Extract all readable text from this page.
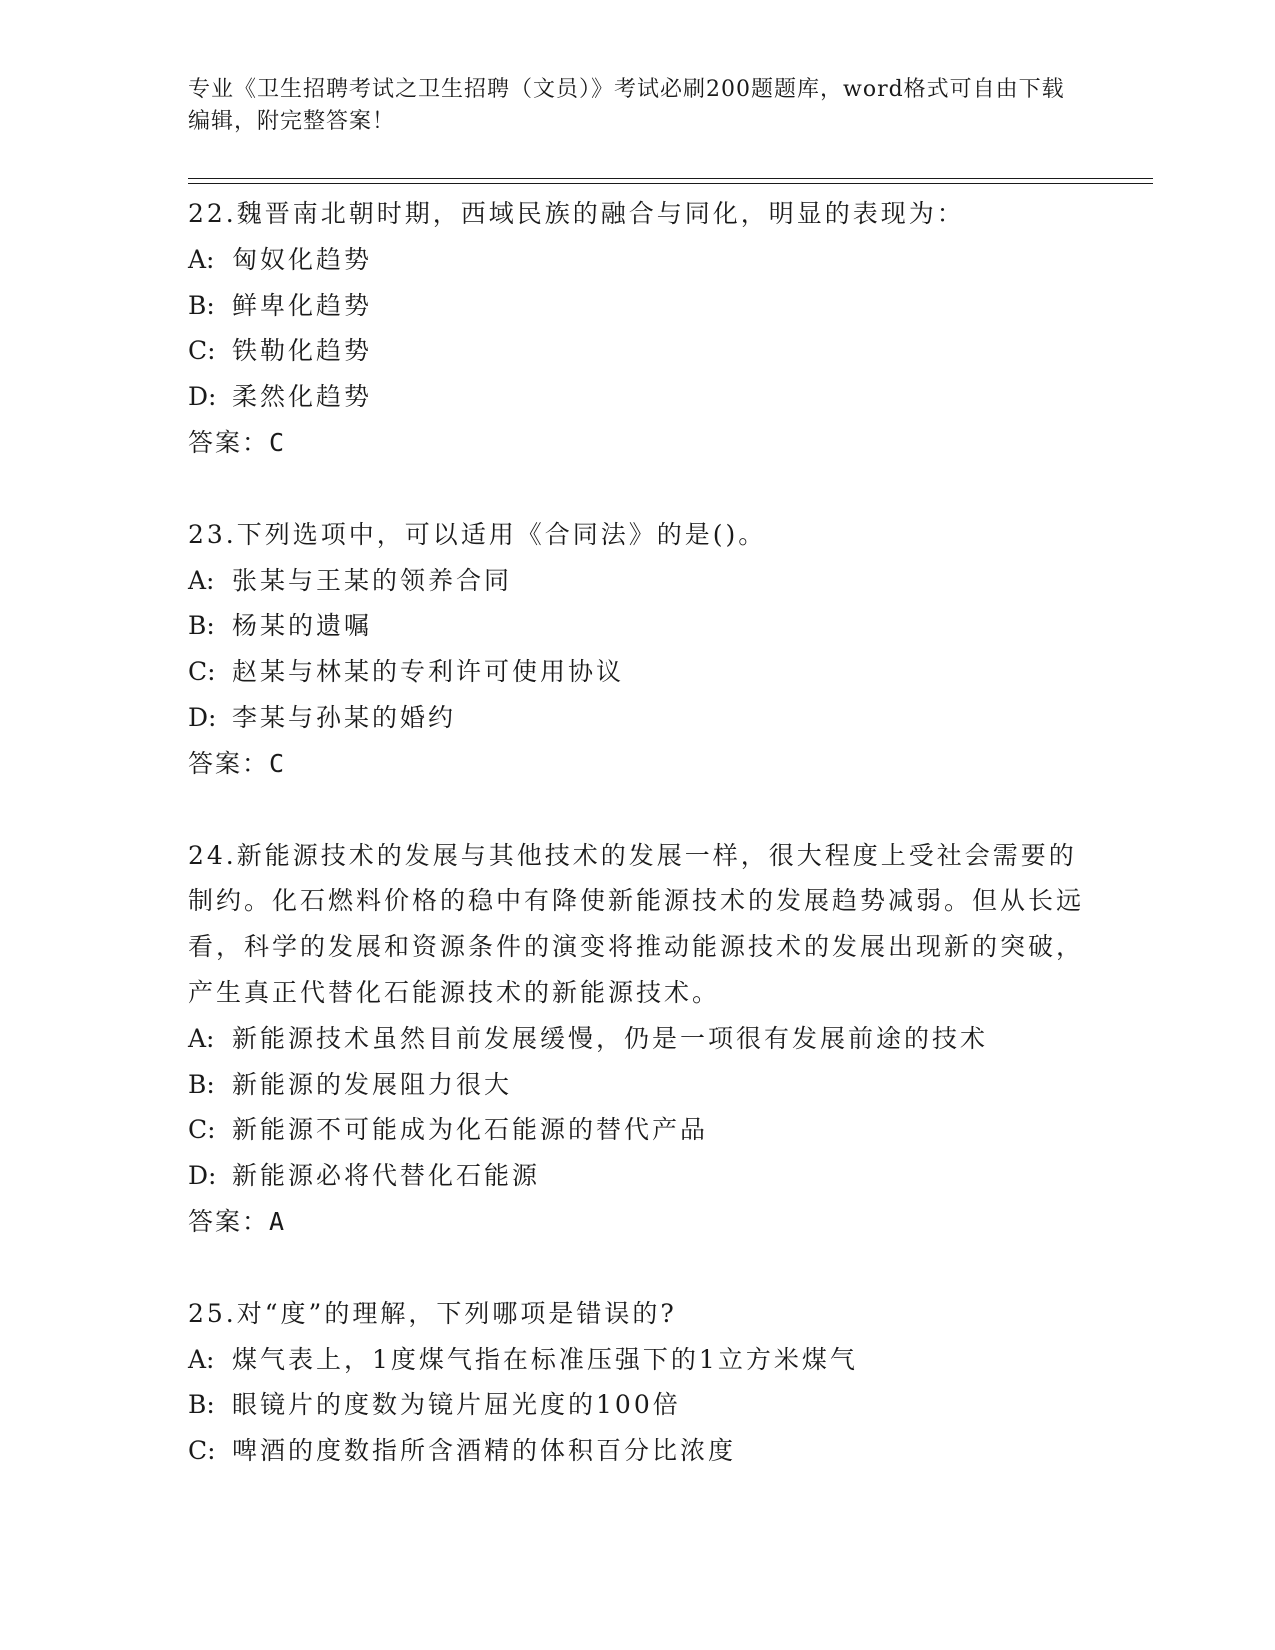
专业《卫生招聘考试之卫生招聘（文员）》考试必刷200题题库，word格式可自由下载编辑，附完整答案！
22.魏晋南北朝时期，西域民族的融合与同化，明显的表现为：
A: 匈奴化趋势
B: 鲜卑化趋势
C: 铁勒化趋势
D: 柔然化趋势
答案：C
23.下列选项中，可以适用《合同法》的是()。
A: 张某与王某的领养合同
B: 杨某的遗嘱
C: 赵某与林某的专利许可使用协议
D: 李某与孙某的婚约
答案：C
24.新能源技术的发展与其他技术的发展一样，很大程度上受社会需要的制约。化石燃料价格的稳中有降使新能源技术的发展趋势减弱。但从长远看，科学的发展和资源条件的演变将推动能源技术的发展出现新的突破，产生真正代替化石能源技术的新能源技术。
A: 新能源技术虽然目前发展缓慢，仍是一项很有发展前途的技术
B: 新能源的发展阻力很大
C: 新能源不可能成为化石能源的替代产品
D: 新能源必将代替化石能源
答案：A
25.对“度”的理解，下列哪项是错误的?
A: 煤气表上，1度煤气指在标准压强下的1立方米煤气
B: 眼镜片的度数为镜片屈光度的100倍
C: 啤酒的度数指所含酒精的体积百分比浓度
